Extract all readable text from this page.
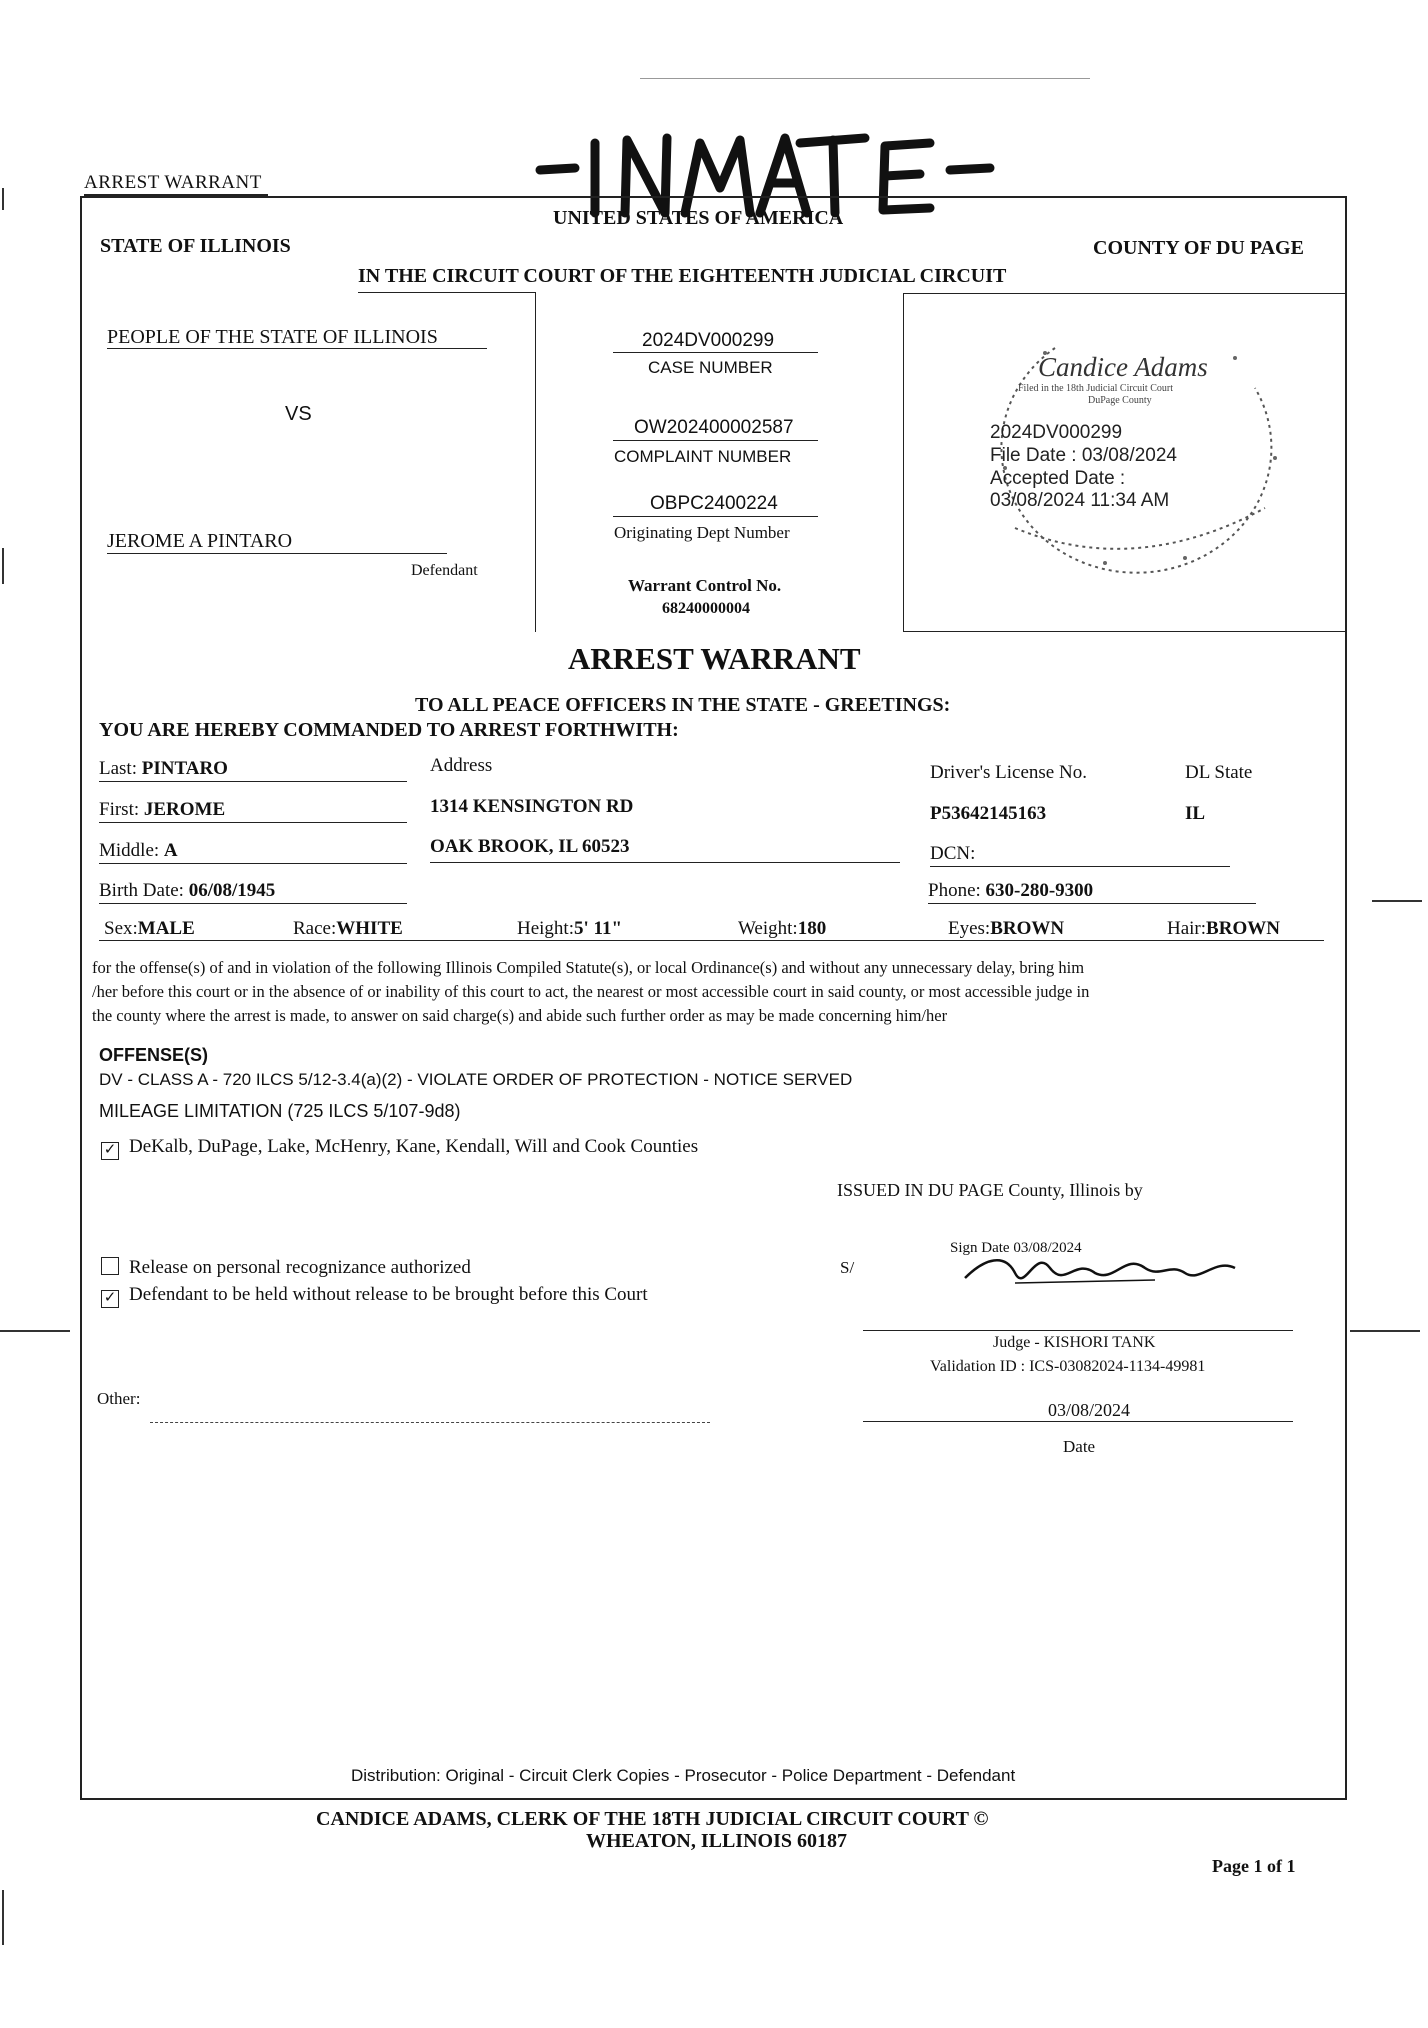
ARREST WARRANT
UNITED STATES OF AMERICA
STATE OF ILLINOIS	COUNTY OF DU PAGE
IN THE CIRCUIT COURT OF THE EIGHTEENTH JUDICIAL CIRCUIT
PEOPLE OF THE STATE OF ILLINOIS
VS
JEROME A PINTARO
Defendant
2024DV000299
CASE NUMBER
OW202400002587
COMPLAINT NUMBER
OBPC2400224
Originating Dept Number
Warrant Control No.
68240000004
Candice Adams
Filed in the 18th Judicial Circuit Court
DuPage County
2024DV000299
File Date : 03/08/2024
Accepted Date :
03/08/2024 11:34 AM
ARREST WARRANT
TO ALL PEACE OFFICERS IN THE STATE - GREETINGS:
YOU ARE HEREBY COMMANDED TO ARREST FORTHWITH:
Last: PINTARO
First: JEROME
Middle: A
Birth Date: 06/08/1945
Address
1314 KENSINGTON RD
OAK BROOK, IL 60523
Driver's License No.	DL State
P53642145163	IL
DCN:
Phone: 630-280-9300
Sex:MALE	Race:WHITE	Height:5' 11"	Weight:180	Eyes:BROWN	Hair:BROWN
for the offense(s) of and in violation of the following Illinois Compiled Statute(s), or local Ordinance(s) and without any unnecessary delay, bring him
/her before this court or in the absence of or inability of this court to act, the nearest or most accessible court in said county, or most accessible judge in
the county where the arrest is made, to answer on said charge(s) and abide such further order as may be made concerning him/her
OFFENSE(S)
DV - CLASS A - 720 ILCS 5/12-3.4(a)(2) - VIOLATE ORDER OF PROTECTION - NOTICE SERVED
MILEAGE LIMITATION (725 ILCS 5/107-9d8)
✓ DeKalb, DuPage, Lake, McHenry, Kane, Kendall, Will and Cook Counties
ISSUED IN DU PAGE County, Illinois by
Release on personal recognizance authorized
✓ Defendant to be held without release to be brought before this Court
S/
Sign Date 03/08/2024
Judge - KISHORI TANK
Validation ID : ICS-03082024-1134-49981
03/08/2024
Date
Other:
Distribution: Original - Circuit Clerk Copies - Prosecutor - Police Department - Defendant
CANDICE ADAMS, CLERK OF THE 18TH JUDICIAL CIRCUIT COURT ©
WHEATON, ILLINOIS 60187
Page 1 of 1
